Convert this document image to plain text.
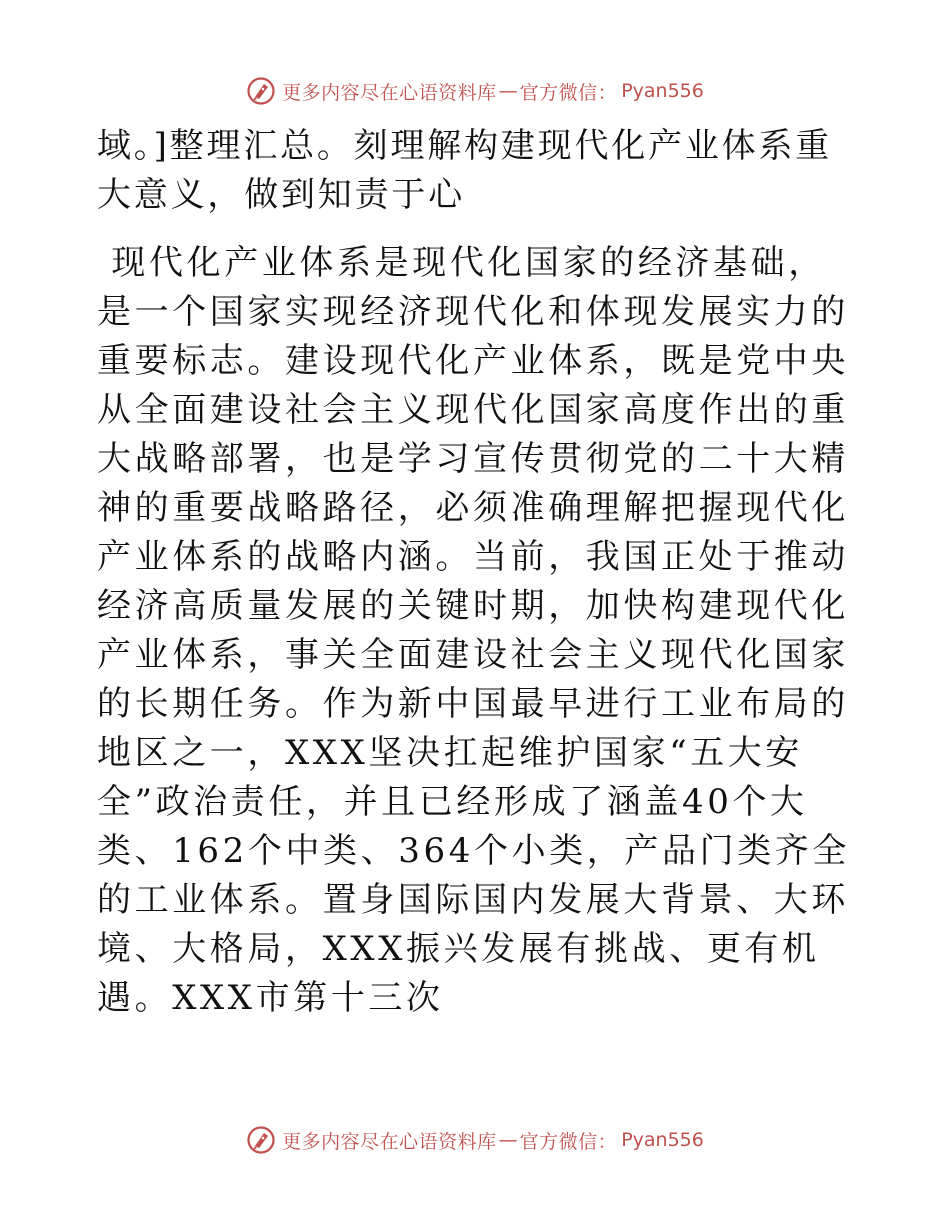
更多内容尽在心语资料库 — 官方微信： Pyan556

域。]整理汇总。刻理解构建现代化产业体系重大意义，做到知责于心

现代化产业体系是现代化国家的经济基础，是一个国家实现经济现代化和体现发展实力的重要标志。建设现代化产业体系，既是党中央从全面建设社会主义现代化国家高度作出的重大战略部署，也是学习宣传贯彻党的二十大精神的重要战略路径，必须准确理解把握现代化产业体系的战略内涵。当前，我国正处于推动经济高质量发展的关键时期，加快构建现代化产业体系，事关全面建设社会主义现代化国家的长期任务。作为新中国最早进行工业布局的地区之一，XXX坚决扛起维护国家“五大安全”政治责任，并且已经形成了涵盖40个大类、162个中类、364个小类，产品门类齐全的工业体系。置身国际国内发展大背景、大环境、大格局，XXX振兴发展有挑战、更有机遇。XXX市第十三次

更多内容尽在心语资料库 — 官方微信： Pyan556
